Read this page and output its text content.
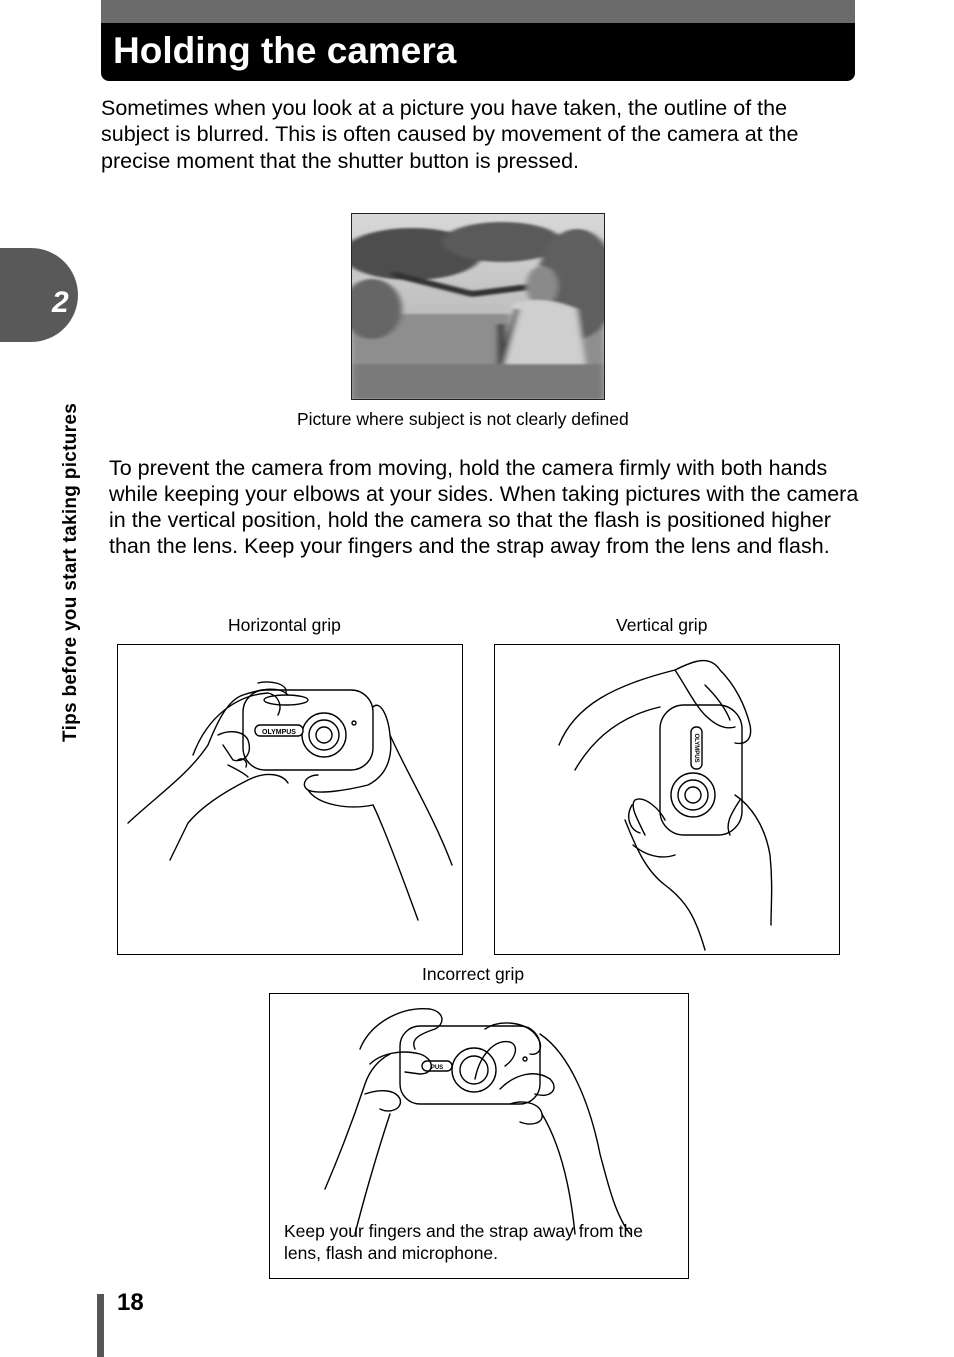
Holding the camera

Sometimes when you look at a picture you have taken, the outline of the subject is blurred. This is often caused by movement of the camera at the precise moment that the shutter button is pressed.

Picture where subject is not clearly defined

To prevent the camera from moving, hold the camera firmly with both hands while keeping your elbows at your sides. When taking pictures with the camera in the vertical position, hold the camera so that the flash is positioned higher than the lens. Keep your fingers and the strap away from the lens and flash.

Horizontal grip	Vertical grip
OLYMPUS
OLYMPUS
Incorrect grip
PUS
Keep your fingers and the strap away from the lens, flash and microphone.
2
Tips before you start taking pictures
18
